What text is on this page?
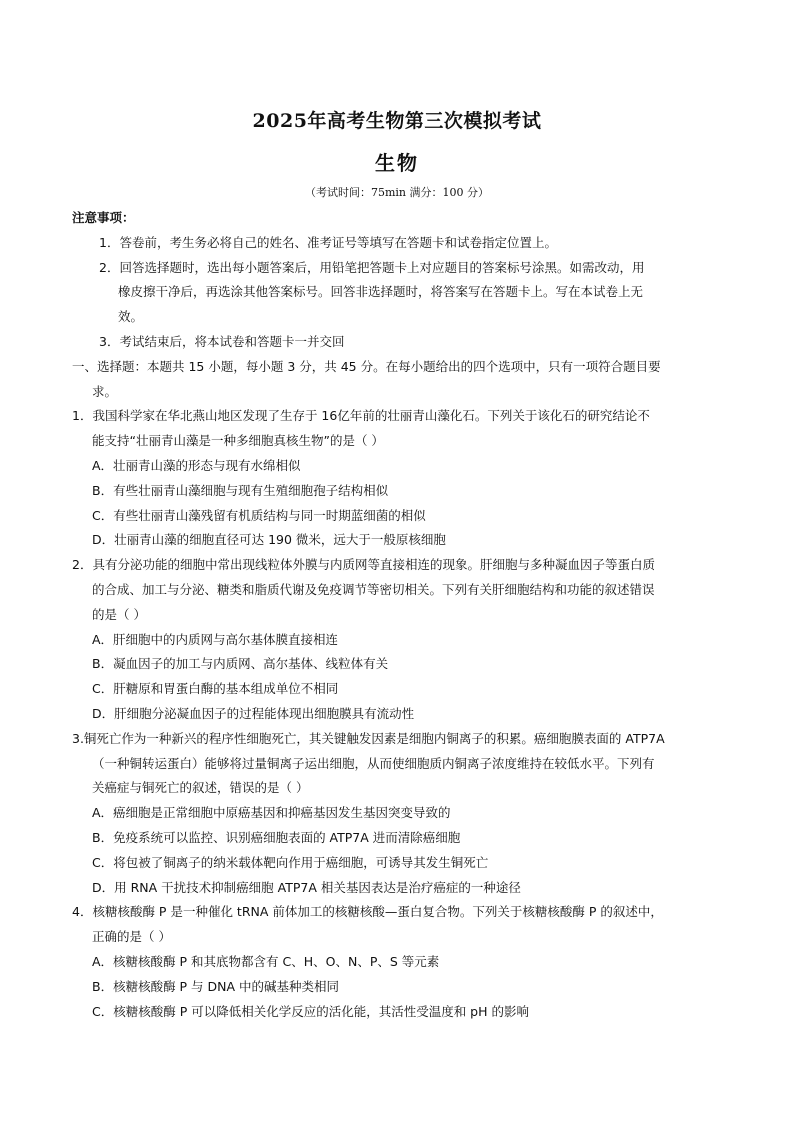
2025年高考生物第三次模拟考试
生物
（考试时间：75min 满分：100 分）
注意事项：
1．答卷前，考生务必将自己的姓名、准考证号等填写在答题卡和试卷指定位置上。
2．回答选择题时，选出每小题答案后，用铅笔把答题卡上对应题目的答案标号涂黑。如需改动，用
橡皮擦干净后，再选涂其他答案标号。回答非选择题时，将答案写在答题卡上。写在本试卷上无
效。
3．考试结束后，将本试卷和答题卡一并交回
一、选择题：本题共 15 小题，每小题 3 分，共 45 分。在每小题给出的四个选项中，只有一项符合题目要
求。
1．我国科学家在华北燕山地区发现了生存于 16亿年前的壮丽青山藻化石。下列关于该化石的研究结论不
能支持“壮丽青山藻是一种多细胞真核生物”的是（ ）
A．壮丽青山藻的形态与现有水绵相似
B．有些壮丽青山藻细胞与现有生殖细胞孢子结构相似
C．有些壮丽青山藻残留有机质结构与同一时期蓝细菌的相似
D．壮丽青山藻的细胞直径可达 190 微米，远大于一般原核细胞
2．具有分泌功能的细胞中常出现线粒体外膜与内质网等直接相连的现象。肝细胞与多种凝血因子等蛋白质
的合成、加工与分泌、糖类和脂质代谢及免疫调节等密切相关。下列有关肝细胞结构和功能的叙述错误
的是（ ）
A．肝细胞中的内质网与高尔基体膜直接相连
B．凝血因子的加工与内质网、高尔基体、线粒体有关
C．肝糖原和胃蛋白酶的基本组成单位不相同
D．肝细胞分泌凝血因子的过程能体现出细胞膜具有流动性
3.铜死亡作为一种新兴的程序性细胞死亡，其关键触发因素是细胞内铜离子的积累。癌细胞膜表面的 ATP7A
（一种铜转运蛋白）能够将过量铜离子运出细胞，从而使细胞质内铜离子浓度维持在较低水平。下列有
关癌症与铜死亡的叙述，错误的是（ ）
A．癌细胞是正常细胞中原癌基因和抑癌基因发生基因突变导致的
B．免疫系统可以监控、识别癌细胞表面的 ATP7A 进而清除癌细胞
C．将包被了铜离子的纳米载体靶向作用于癌细胞，可诱导其发生铜死亡
D．用 RNA 干扰技术抑制癌细胞 ATP7A 相关基因表达是治疗癌症的一种途径
4．核糖核酸酶 P 是一种催化 tRNA 前体加工的核糖核酸—蛋白复合物。下列关于核糖核酸酶 P 的叙述中，
正确的是（ ）
A．核糖核酸酶 P 和其底物都含有 C、H、O、N、P、S 等元素
B．核糖核酸酶 P 与 DNA 中的碱基种类相同
C．核糖核酸酶 P 可以降低相关化学反应的活化能，其活性受温度和 pH 的影响
